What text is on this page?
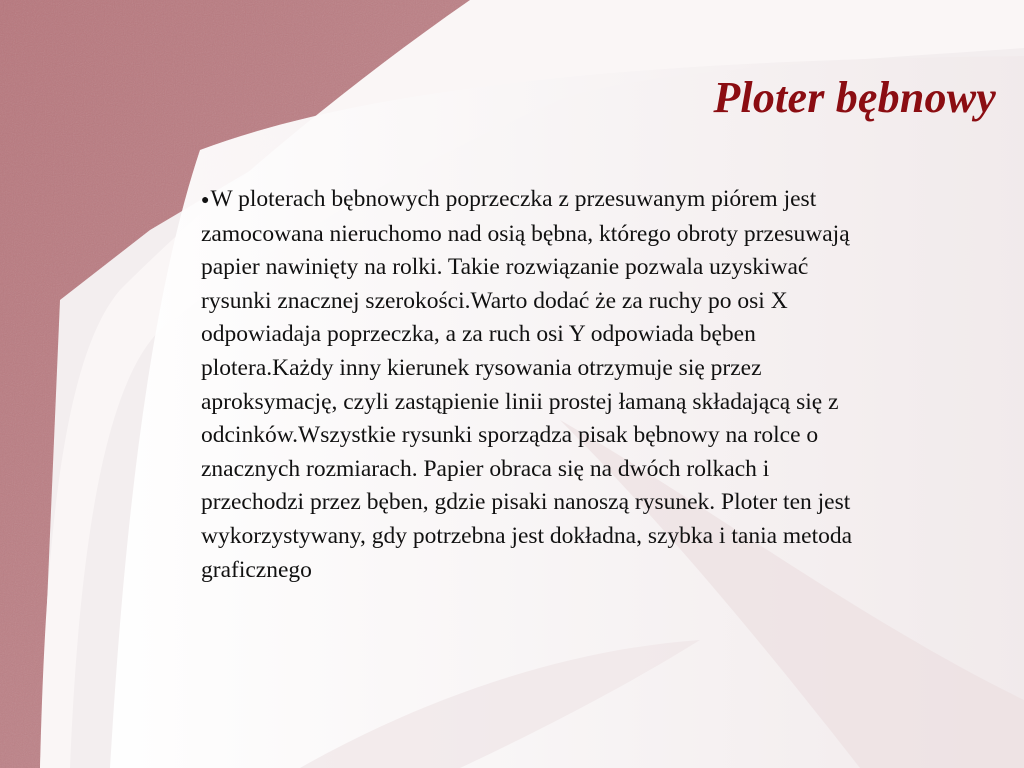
Ploter bębnowy
●W ploterach bębnowych poprzeczka z przesuwanym piórem jest
zamocowana nieruchomo nad osią bębna, którego obroty przesuwają
papier nawinięty na rolki. Takie rozwiązanie pozwala uzyskiwać
rysunki znacznej szerokości.Warto dodać że za ruchy po osi X
odpowiadaja poprzeczka, a za ruch osi Y odpowiada bęben
plotera.Każdy inny kierunek rysowania otrzymuje się przez
aproksymację, czyli zastąpienie linii prostej łamaną składającą się z
odcinków.Wszystkie rysunki sporządza pisak bębnowy na rolce o
znacznych rozmiarach. Papier obraca się na dwóch rolkach i
przechodzi przez bęben, gdzie pisaki nanoszą rysunek. Ploter ten jest
wykorzystywany, gdy potrzebna jest dokładna, szybka i tania metoda
graficznego
